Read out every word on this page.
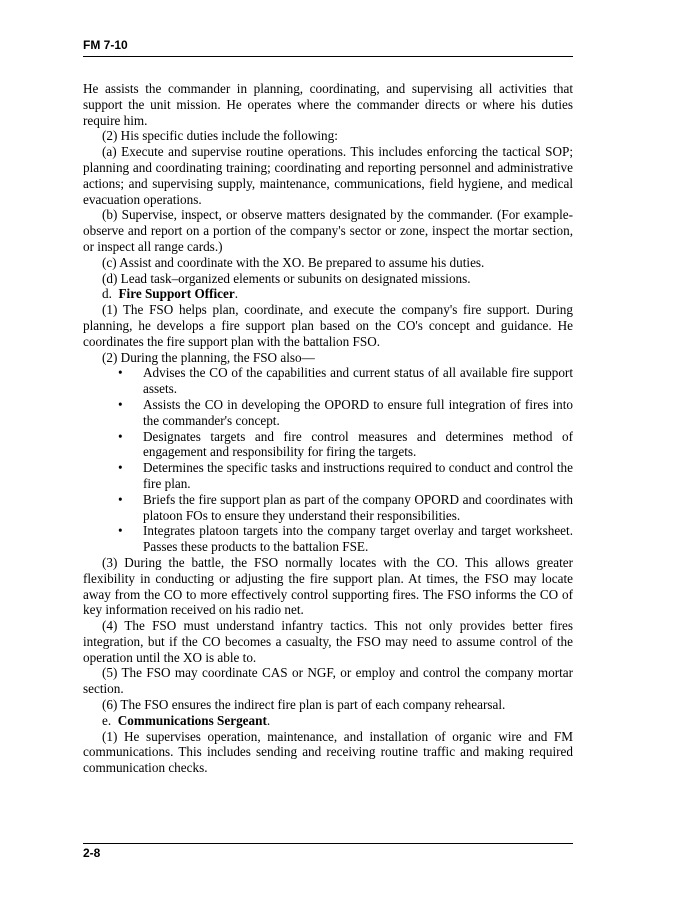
FM 7-10

He assists the commander in planning, coordinating, and supervising all activities that support the unit mission. He operates where the commander directs or where his duties require him.

(2) His specific duties include the following:

(a) Execute and supervise routine operations. This includes enforcing the tactical SOP; planning and coordinating training; coordinating and reporting personnel and administrative actions; and supervising supply, maintenance, communications, field hygiene, and medical evacuation operations.

(b) Supervise, inspect, or observe matters designated by the commander. (For example-observe and report on a portion of the company's sector or zone, inspect the mortar section, or inspect all range cards.)

(c) Assist and coordinate with the XO. Be prepared to assume his duties.

(d) Lead task–organized elements or subunits on designated missions.

d. Fire Support Officer.

(1) The FSO helps plan, coordinate, and execute the company's fire support. During planning, he develops a fire support plan based on the CO's concept and guidance. He coordinates the fire support plan with the battalion FSO.

(2) During the planning, the FSO also—

• Advises the CO of the capabilities and current status of all available fire support assets.
• Assists the CO in developing the OPORD to ensure full integration of fires into the commander's concept.
• Designates targets and fire control measures and determines method of engagement and responsibility for firing the targets.
• Determines the specific tasks and instructions required to conduct and control the fire plan.
• Briefs the fire support plan as part of the company OPORD and coordinates with platoon FOs to ensure they understand their responsibilities.
• Integrates platoon targets into the company target overlay and target worksheet. Passes these products to the battalion FSE.

(3) During the battle, the FSO normally locates with the CO. This allows greater flexibility in conducting or adjusting the fire support plan. At times, the FSO may locate away from the CO to more effectively control supporting fires. The FSO informs the CO of key information received on his radio net.

(4) The FSO must understand infantry tactics. This not only provides better fires integration, but if the CO becomes a casualty, the FSO may need to assume control of the operation until the XO is able to.

(5) The FSO may coordinate CAS or NGF, or employ and control the company mortar section.

(6) The FSO ensures the indirect fire plan is part of each company rehearsal.

e. Communications Sergeant.

(1) He supervises operation, maintenance, and installation of organic wire and FM communications. This includes sending and receiving routine traffic and making required communication checks.

2-8
